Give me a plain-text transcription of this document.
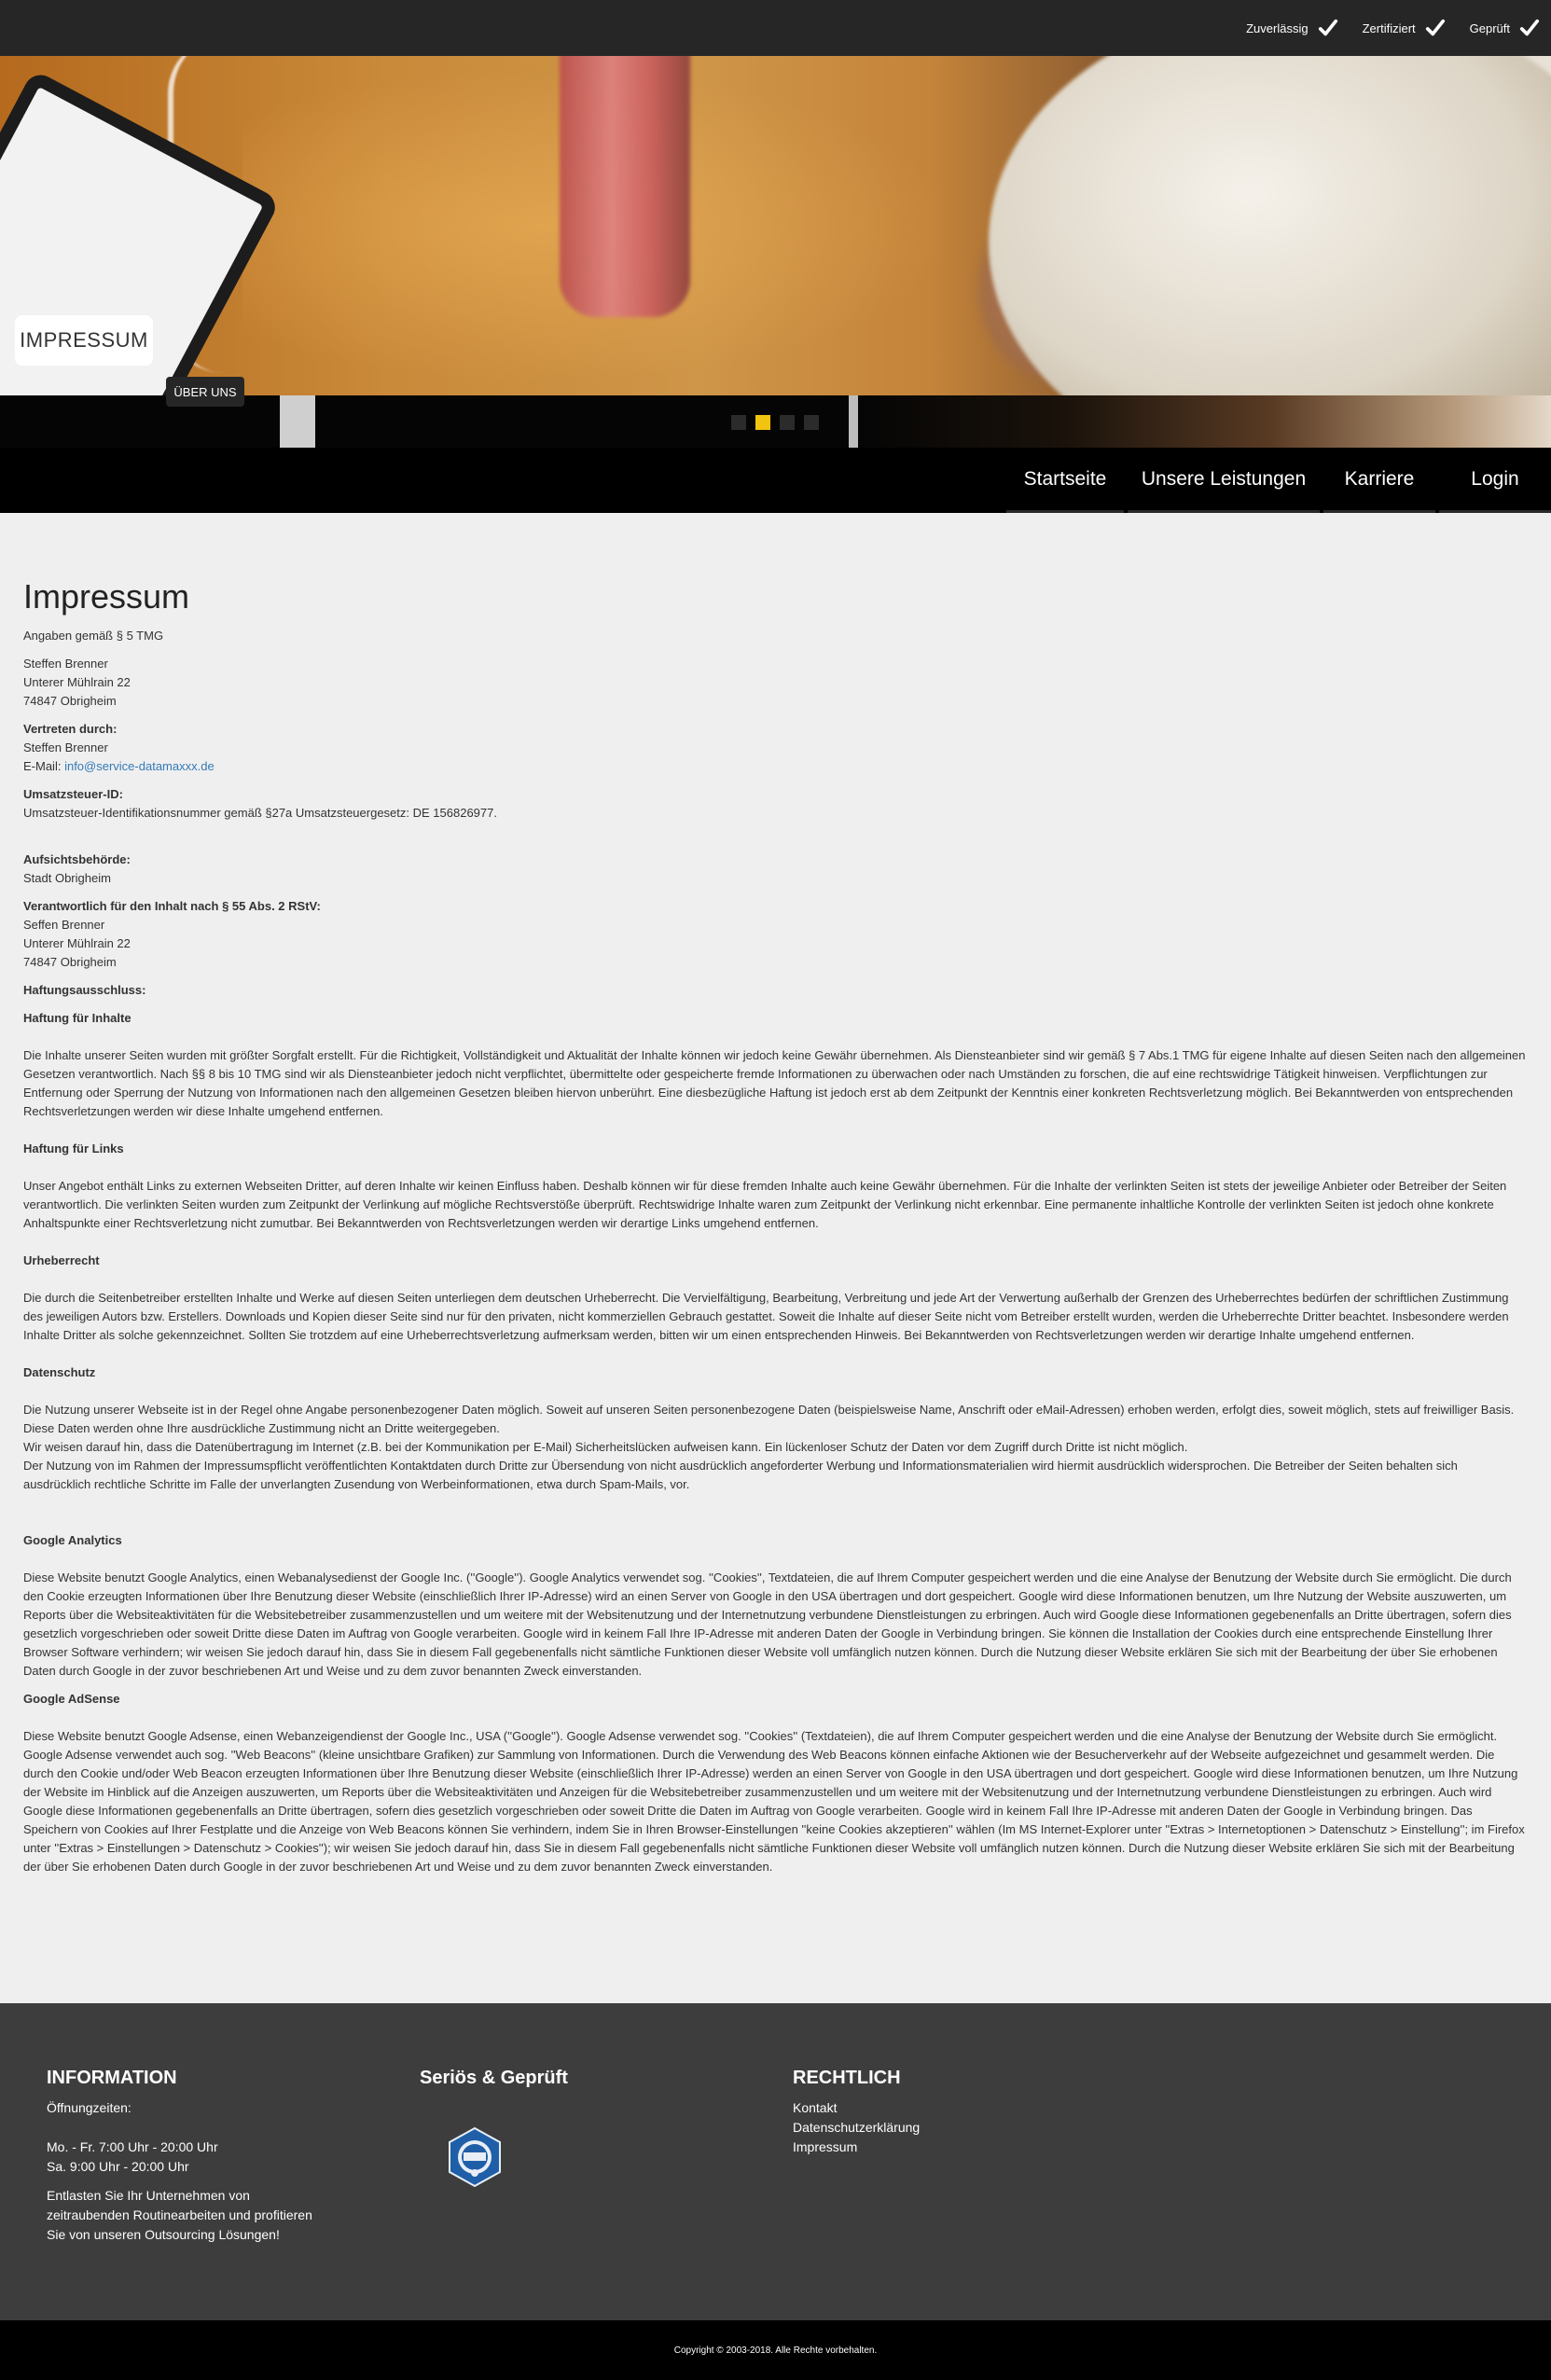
Zuverlässig	Zertifiziert	Geprüft
IMPRESSUM
ÜBER UNS
Startseite	Unsere Leistungen	Karriere	Login
Impressum

Angaben gemäß § 5 TMG

Steffen Brenner
Unterer Mühlrain 22
74847 Obrigheim

Vertreten durch:
Steffen Brenner
E-Mail: info@service-datamaxxx.de

Umsatzsteuer-ID:
Umsatzsteuer-Identifikationsnummer gemäß §27a Umsatzsteuergesetz: DE 156826977.

Aufsichtsbehörde:
Stadt Obrigheim

Verantwortlich für den Inhalt nach § 55 Abs. 2 RStV:
Seffen Brenner
Unterer Mühlrain 22
74847 Obrigheim

Haftungsausschluss:

Haftung für Inhalte

Die Inhalte unserer Seiten wurden mit größter Sorgfalt erstellt. Für die Richtigkeit, Vollständigkeit und Aktualität der Inhalte können wir jedoch keine Gewähr übernehmen. Als Diensteanbieter sind wir gemäß § 7 Abs.1 TMG für eigene Inhalte auf diesen Seiten nach den allgemeinen Gesetzen verantwortlich. Nach §§ 8 bis 10 TMG sind wir als Diensteanbieter jedoch nicht verpflichtet, übermittelte oder gespeicherte fremde Informationen zu überwachen oder nach Umständen zu forschen, die auf eine rechtswidrige Tätigkeit hinweisen. Verpflichtungen zur Entfernung oder Sperrung der Nutzung von Informationen nach den allgemeinen Gesetzen bleiben hiervon unberührt. Eine diesbezügliche Haftung ist jedoch erst ab dem Zeitpunkt der Kenntnis einer konkreten Rechtsverletzung möglich. Bei Bekanntwerden von entsprechenden Rechtsverletzungen werden wir diese Inhalte umgehend entfernen.

Haftung für Links

Unser Angebot enthält Links zu externen Webseiten Dritter, auf deren Inhalte wir keinen Einfluss haben. Deshalb können wir für diese fremden Inhalte auch keine Gewähr übernehmen. Für die Inhalte der verlinkten Seiten ist stets der jeweilige Anbieter oder Betreiber der Seiten verantwortlich. Die verlinkten Seiten wurden zum Zeitpunkt der Verlinkung auf mögliche Rechtsverstöße überprüft. Rechtswidrige Inhalte waren zum Zeitpunkt der Verlinkung nicht erkennbar. Eine permanente inhaltliche Kontrolle der verlinkten Seiten ist jedoch ohne konkrete Anhaltspunkte einer Rechtsverletzung nicht zumutbar. Bei Bekanntwerden von Rechtsverletzungen werden wir derartige Links umgehend entfernen.

Urheberrecht

Die durch die Seitenbetreiber erstellten Inhalte und Werke auf diesen Seiten unterliegen dem deutschen Urheberrecht. Die Vervielfältigung, Bearbeitung, Verbreitung und jede Art der Verwertung außerhalb der Grenzen des Urheberrechtes bedürfen der schriftlichen Zustimmung des jeweiligen Autors bzw. Erstellers. Downloads und Kopien dieser Seite sind nur für den privaten, nicht kommerziellen Gebrauch gestattet. Soweit die Inhalte auf dieser Seite nicht vom Betreiber erstellt wurden, werden die Urheberrechte Dritter beachtet. Insbesondere werden Inhalte Dritter als solche gekennzeichnet. Sollten Sie trotzdem auf eine Urheberrechtsverletzung aufmerksam werden, bitten wir um einen entsprechenden Hinweis. Bei Bekanntwerden von Rechtsverletzungen werden wir derartige Inhalte umgehend entfernen.

Datenschutz

Die Nutzung unserer Webseite ist in der Regel ohne Angabe personenbezogener Daten möglich. Soweit auf unseren Seiten personenbezogene Daten (beispielsweise Name, Anschrift oder eMail-Adressen) erhoben werden, erfolgt dies, soweit möglich, stets auf freiwilliger Basis. Diese Daten werden ohne Ihre ausdrückliche Zustimmung nicht an Dritte weitergegeben.
Wir weisen darauf hin, dass die Datenübertragung im Internet (z.B. bei der Kommunikation per E-Mail) Sicherheitslücken aufweisen kann. Ein lückenloser Schutz der Daten vor dem Zugriff durch Dritte ist nicht möglich.
Der Nutzung von im Rahmen der Impressumspflicht veröffentlichten Kontaktdaten durch Dritte zur Übersendung von nicht ausdrücklich angeforderter Werbung und Informationsmaterialien wird hiermit ausdrücklich widersprochen. Die Betreiber der Seiten behalten sich ausdrücklich rechtliche Schritte im Falle der unverlangten Zusendung von Werbeinformationen, etwa durch Spam-Mails, vor.

Google Analytics

Diese Website benutzt Google Analytics, einen Webanalysedienst der Google Inc. (''Google''). Google Analytics verwendet sog. ''Cookies'', Textdateien, die auf Ihrem Computer gespeichert werden und die eine Analyse der Benutzung der Website durch Sie ermöglicht. Die durch den Cookie erzeugten Informationen über Ihre Benutzung dieser Website (einschließlich Ihrer IP-Adresse) wird an einen Server von Google in den USA übertragen und dort gespeichert. Google wird diese Informationen benutzen, um Ihre Nutzung der Website auszuwerten, um Reports über die Websiteaktivitäten für die Websitebetreiber zusammenzustellen und um weitere mit der Websitenutzung und der Internetnutzung verbundene Dienstleistungen zu erbringen. Auch wird Google diese Informationen gegebenenfalls an Dritte übertragen, sofern dies gesetzlich vorgeschrieben oder soweit Dritte diese Daten im Auftrag von Google verarbeiten. Google wird in keinem Fall Ihre IP-Adresse mit anderen Daten der Google in Verbindung bringen. Sie können die Installation der Cookies durch eine entsprechende Einstellung Ihrer Browser Software verhindern; wir weisen Sie jedoch darauf hin, dass Sie in diesem Fall gegebenenfalls nicht sämtliche Funktionen dieser Website voll umfänglich nutzen können. Durch die Nutzung dieser Website erklären Sie sich mit der Bearbeitung der über Sie erhobenen Daten durch Google in der zuvor beschriebenen Art und Weise und zu dem zuvor benannten Zweck einverstanden.

Google AdSense

Diese Website benutzt Google Adsense, einen Webanzeigendienst der Google Inc., USA (''Google''). Google Adsense verwendet sog. ''Cookies'' (Textdateien), die auf Ihrem Computer gespeichert werden und die eine Analyse der Benutzung der Website durch Sie ermöglicht. Google Adsense verwendet auch sog. ''Web Beacons'' (kleine unsichtbare Grafiken) zur Sammlung von Informationen. Durch die Verwendung des Web Beacons können einfache Aktionen wie der Besucherverkehr auf der Webseite aufgezeichnet und gesammelt werden. Die durch den Cookie und/oder Web Beacon erzeugten Informationen über Ihre Benutzung dieser Website (einschließlich Ihrer IP-Adresse) werden an einen Server von Google in den USA übertragen und dort gespeichert. Google wird diese Informationen benutzen, um Ihre Nutzung der Website im Hinblick auf die Anzeigen auszuwerten, um Reports über die Websiteaktivitäten und Anzeigen für die Websitebetreiber zusammenzustellen und um weitere mit der Websitenutzung und der Internetnutzung verbundene Dienstleistungen zu erbringen. Auch wird Google diese Informationen gegebenenfalls an Dritte übertragen, sofern dies gesetzlich vorgeschrieben oder soweit Dritte die Daten im Auftrag von Google verarbeiten. Google wird in keinem Fall Ihre IP-Adresse mit anderen Daten der Google in Verbindung bringen. Das Speichern von Cookies auf Ihrer Festplatte und die Anzeige von Web Beacons können Sie verhindern, indem Sie in Ihren Browser-Einstellungen ''keine Cookies akzeptieren'' wählen (Im MS Internet-Explorer unter ''Extras > Internetoptionen > Datenschutz > Einstellung''; im Firefox unter ''Extras > Einstellungen > Datenschutz > Cookies''); wir weisen Sie jedoch darauf hin, dass Sie in diesem Fall gegebenenfalls nicht sämtliche Funktionen dieser Website voll umfänglich nutzen können. Durch die Nutzung dieser Website erklären Sie sich mit der Bearbeitung der über Sie erhobenen Daten durch Google in der zuvor beschriebenen Art und Weise und zu dem zuvor benannten Zweck einverstanden.

INFORMATION
Öffnungzeiten:
Mo. - Fr. 7:00 Uhr - 20:00 Uhr
Sa. 9:00 Uhr - 20:00 Uhr
Entlasten Sie Ihr Unternehmen von
zeitraubenden Routinearbeiten und profitieren
Sie von unseren Outsourcing Lösungen!
Seriös & Geprüft	RECHTLICH
Kontakt
Datenschutzerklärung
Impressum
Copyright © 2003-2018. Alle Rechte vorbehalten.
